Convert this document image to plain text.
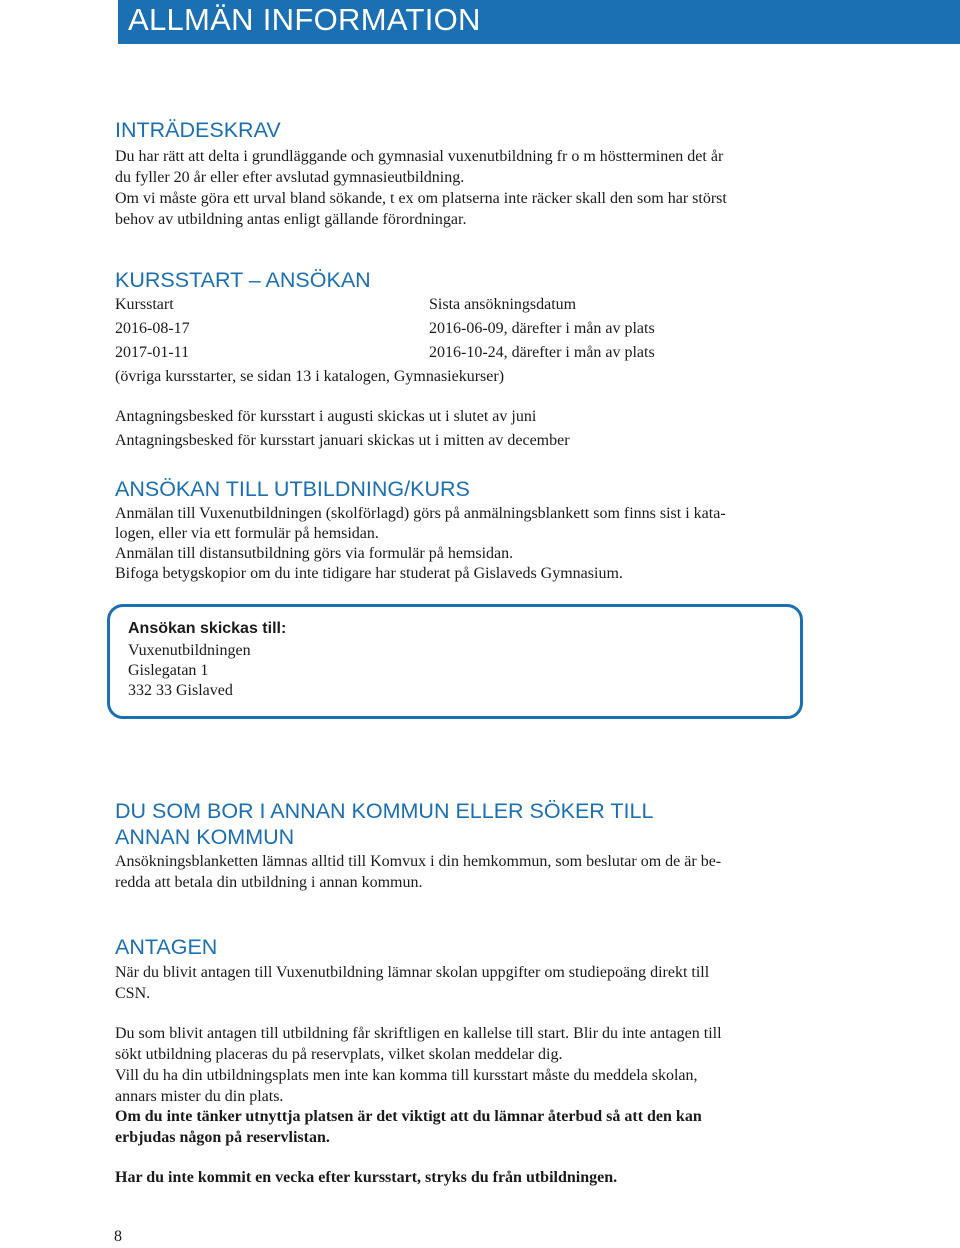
ALLMÄN INFORMATION
INTRÄDESKRAV

Du har rätt att delta i grundläggande och gymnasial vuxenutbildning fr o m höstterminen det år

du fyller 20 år eller efter avslutad gymnasieutbildning.

Om vi måste göra ett urval bland sökande, t ex om platserna inte räcker skall den som har störst

behov av utbildning antas enligt gällande förordningar.

KURSSTART – ANSÖKAN

Kursstart	Sista ansökningsdatum

2016-08-17	2016-06-09, därefter i mån av plats

2017-01-11	2016-10-24, därefter i mån av plats

(övriga kursstarter, se sidan 13 i katalogen, Gymnasiekurser)

Antagningsbesked för kursstart i augusti skickas ut i slutet av juni

Antagningsbesked för kursstart januari skickas ut i mitten av december

ANSÖKAN TILL UTBILDNING/KURS

Anmälan till Vuxenutbildningen (skolförlagd) görs på anmälningsblankett som finns sist i kata-

logen, eller via ett formulär på hemsidan.

Anmälan till distansutbildning görs via formulär på hemsidan.

Bifoga betygskopior om du inte tidigare har studerat på Gislaveds Gymnasium.

Ansökan skickas till:

Vuxenutbildningen

Gislegatan 1

332 33 Gislaved

DU SOM BOR I ANNAN KOMMUN ELLER SÖKER TILL
ANNAN KOMMUN

Ansökningsblanketten lämnas alltid till Komvux i din hemkommun, som beslutar om de är be-

redda att betala din utbildning i annan kommun.

ANTAGEN

När du blivit antagen till Vuxenutbildning lämnar skolan uppgifter om studiepoäng direkt till

CSN.

Du som blivit antagen till utbildning får skriftligen en kallelse till start. Blir du inte antagen till

sökt utbildning placeras du på reservplats, vilket skolan meddelar dig.

Vill du ha din utbildningsplats men inte kan komma till kursstart måste du meddela skolan,

annars mister du din plats.

Om du inte tänker utnyttja platsen är det viktigt att du lämnar återbud så att den kan

erbjudas någon på reservlistan.

Har du inte kommit en vecka efter kursstart, stryks du från utbildningen.

8
